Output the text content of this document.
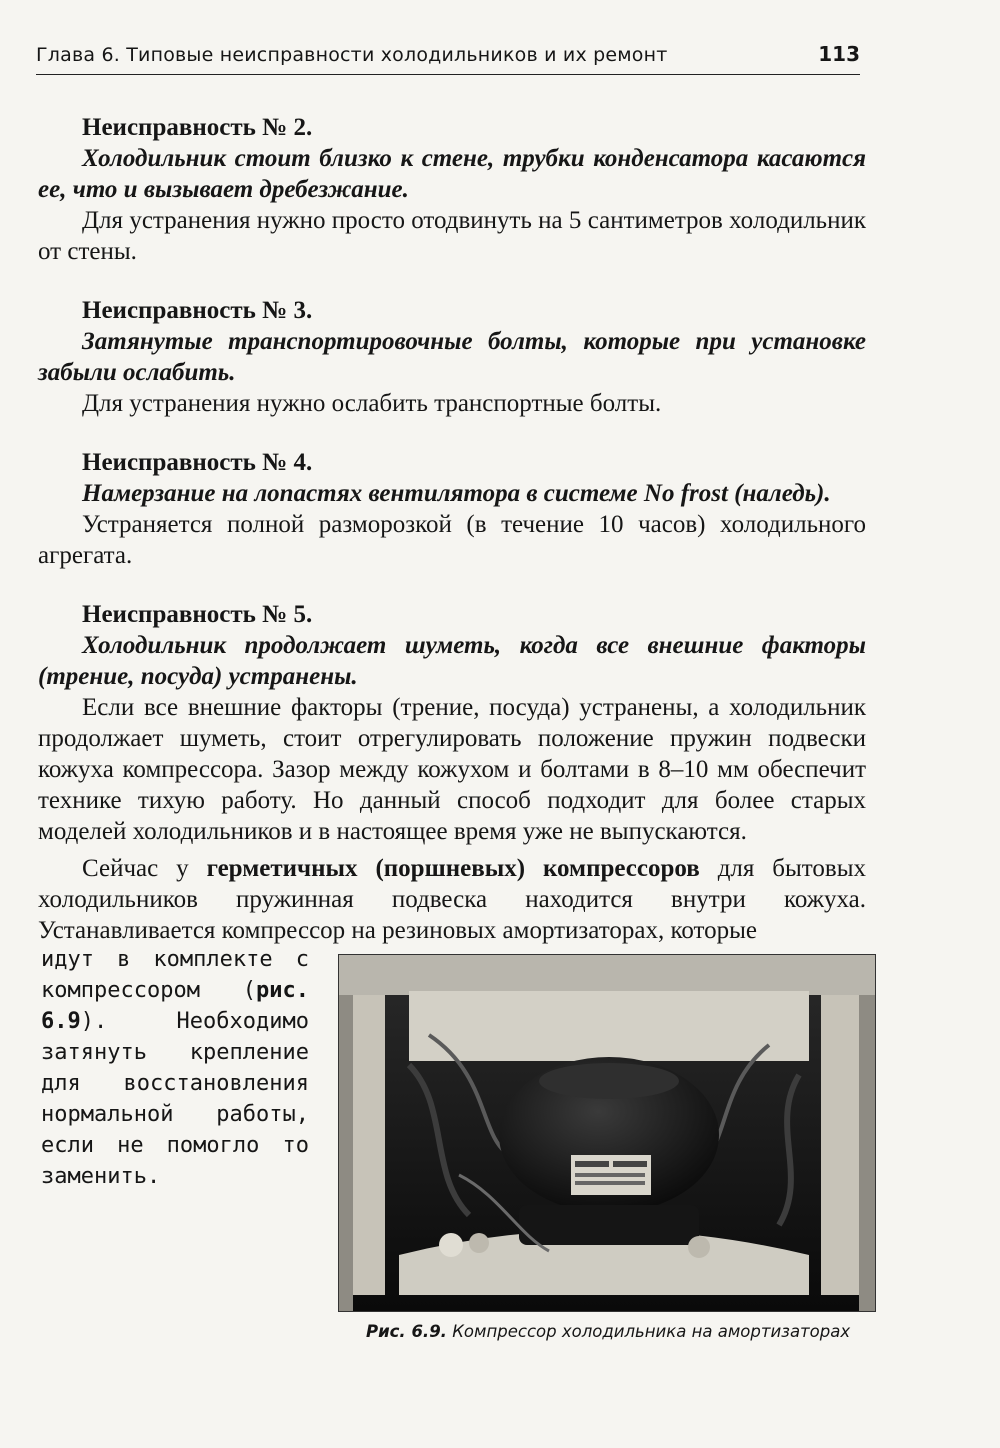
Глава 6. Типовые неисправности холодильников и их ремонт	113
Неисправность № 2.
Холодильник стоит близко к стене, трубки конденсатора касаются ее, что и вызывает дребезжание.
Для устранения нужно просто отодвинуть на 5 сантиметров холодильник от стены.
Неисправность № 3.
Затянутые транспортировочные болты, которые при установке забыли ослабить.
Для устранения нужно ослабить транспортные болты.
Неисправность № 4.
Намерзание на лопастях вентилятора в системе No frost (наледь).
Устраняется полной разморозкой (в течение 10 часов) холодильного агрегата.
Неисправность № 5.
Холодильник продолжает шуметь, когда все внешние факторы (трение, посуда) устранены.
Если все внешние факторы (трение, посуда) устранены, а холодильник продолжает шуметь, стоит отрегулировать положение пружин подвески кожуха компрессора. Зазор между кожухом и болтами в 8–10 мм обеспечит технике тихую работу. Но данный способ подходит для более старых моделей холодильников и в настоящее время уже не выпускаются.

Сейчас у герметичных (поршневых) компрессоров для бытовых холодильников пружинная подвеска находится внутри кожуха. Устанавливается компрессор на резиновых амортизаторах, которые

идут в комплекте с компрессором (рис. 6.9). Необходимо затянуть крепление для восстановления нормальной работы, если не помогло то заменить.
Рис. 6.9. Компрессор холодильника на амортизаторах
